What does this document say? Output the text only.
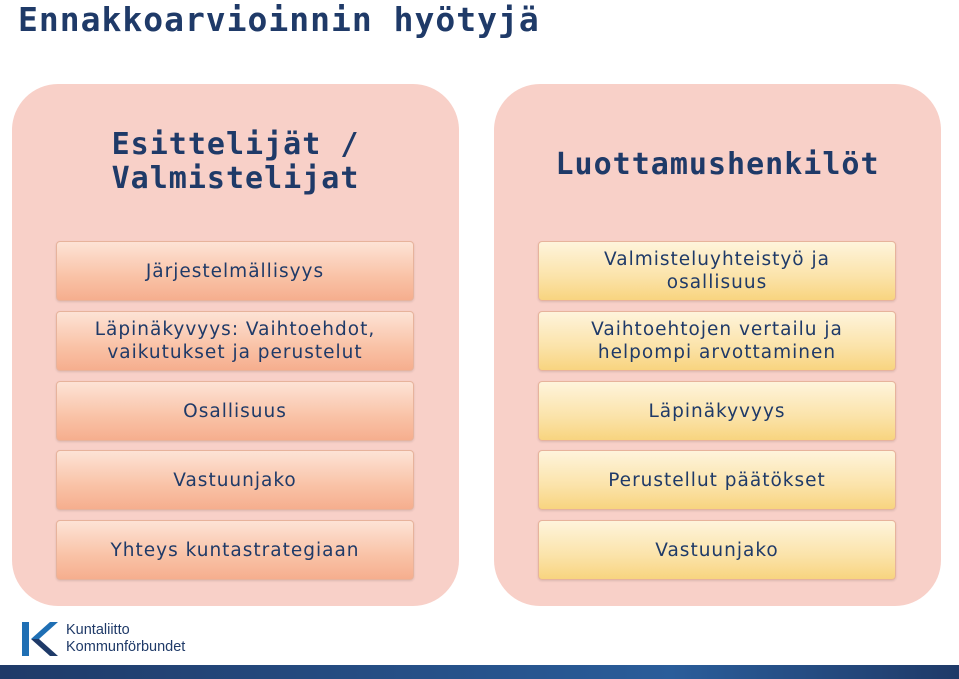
Ennakkoarvioinnin hyötyjä
Esittelijät /
Valmistelijat
Järjestelmällisyys
Läpinäkyvyys: Vaihtoehdot,
vaikutukset ja perustelut
Osallisuus
Vastuunjako
Yhteys kuntastrategiaan
Luottamushenkilöt
Valmisteluyhteistyö ja
osallisuus
Vaihtoehtojen vertailu ja
helpompi arvottaminen
Läpinäkyvyys
Perustellut päätökset
Vastuunjako
Kuntaliitto
Kommunförbundet
